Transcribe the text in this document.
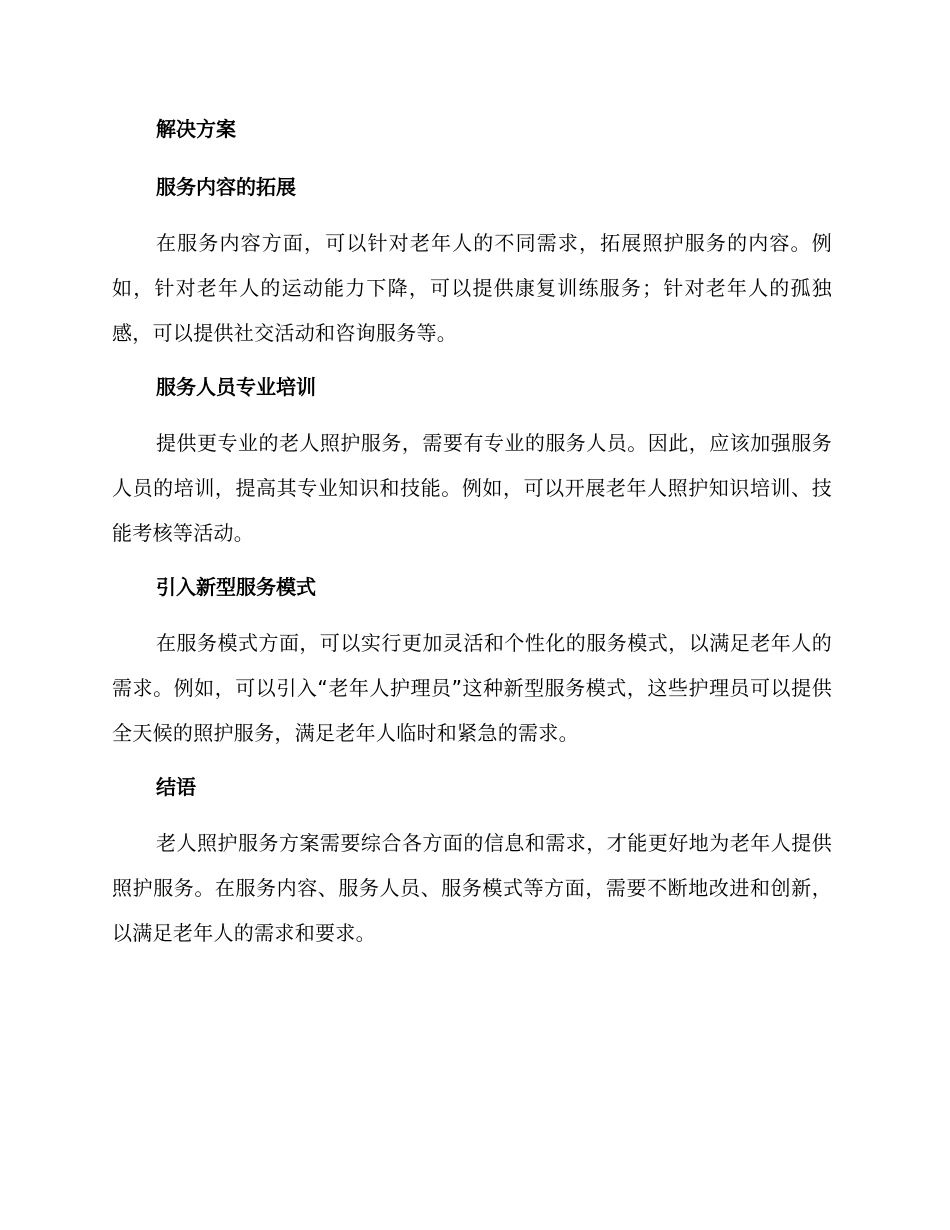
解决方案
服务内容的拓展

在服务内容方面，可以针对老年人的不同需求，拓展照护服务的内容。例如，针对老年人的运动能力下降，可以提供康复训练服务；针对老年人的孤独感，可以提供社交活动和咨询服务等。

服务人员专业培训

提供更专业的老人照护服务，需要有专业的服务人员。因此，应该加强服务人员的培训，提高其专业知识和技能。例如，可以开展老年人照护知识培训、技能考核等活动。

引入新型服务模式

在服务模式方面，可以实行更加灵活和个性化的服务模式，以满足老年人的需求。例如，可以引入“老年人护理员”这种新型服务模式，这些护理员可以提供全天候的照护服务，满足老年人临时和紧急的需求。

结语

老人照护服务方案需要综合各方面的信息和需求，才能更好地为老年人提供照护服务。在服务内容、服务人员、服务模式等方面，需要不断地改进和创新，以满足老年人的需求和要求。
